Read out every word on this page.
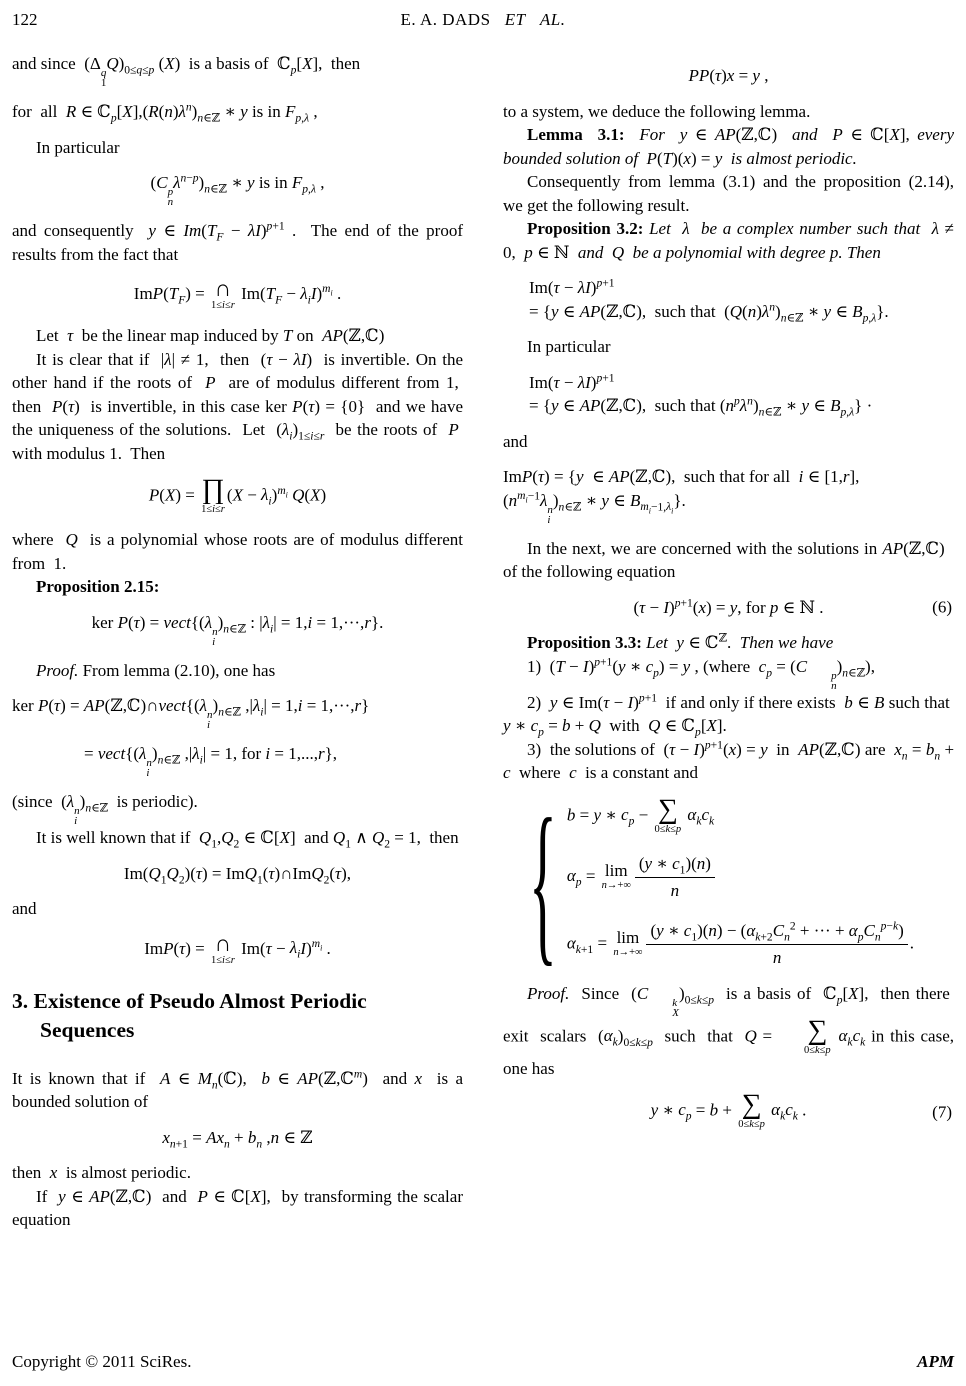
122	E. A. DADS   ET   AL.
and since  (Δ q
1
$Q)_{0\le q\le p}$ (X)  is a basis of  ℂ$_p$[X],  then
for  all  R ∈ $ℂ_p[X],(R(n)\lambda^n)_{n\in ℤ}$ ∗ y is in $F_{p,\lambda}$ ,
In particular
(C p
n
$\lambda^{n-p})_{n\in ℤ}$ ∗ y is in $F_{p,\lambda}$ ,
and consequently  y ∈ $Im(T_F - \lambda I)^{p+1}$ .  The end of the proof results from the fact that
$ImP(T_F)$ = ∩
1≤i≤r
$Im(T_F - \lambda_iI)^{m_i}$ .
Let  τ  be the linear map induced by T on  AP(ℤ,ℂ)
It is clear that if  |λ| ≠ 1,  then  (τ − λI)  is invertible. On the other hand if the roots of  P  are of modulus different from 1,  then  P(τ)  is invertible, in this case ker P(τ) = {0}  and we have the uniqueness of the solutions.  Let  $(\lambda_i)_{1\le i\le r}$  be the roots of  P  with modulus 1.  Then
P(X) = ∏
1≤i≤r
$(X - \lambda_i)^{m_i}$ Q(X)
where  Q  is a polynomial whose roots are of modulus different from  1.
Proposition 2.15:
ker P(τ) = vect{(λ n
i
)$_{n\in ℤ}$ : $|\lambda_i| = 1,i = 1,\cdot\cdot\cdot,r$}.
Proof. From lemma (2.10), one has
ker P(τ) = AP(ℤ,ℂ)∩vect{(λ n
i
)$_{n\in ℤ}$ $,|\lambda_i| = 1,i = 1,\cdot\cdot\cdot,r$}
= vect{(λ n
i
)$_{n\in ℤ}$ $,|\lambda_i| = 1$, for i = 1,...,r},
(since  (λ n
i
)$_{n\in ℤ}$  is periodic).
It is well known that if  $Q_1,Q_2$ ∈ ℂ[X]  and $Q_1$ ∧ $Q_2 = 1$,  then
$Im(Q_1Q_2)(\tau)$ = ImQ$_1$(τ)∩ImQ$_2$(τ),
and
ImP(τ) = ∩
1≤i≤r
$Im(\tau - \lambda_iI)^{m_i}$ .
3. Existence of Pseudo Almost Periodic Sequences
It is known that if  A ∈ $M_n(ℂ)$,  b ∈ AP(ℤ,ℂ$^m$)  and x  is a bounded solution of
$x_{n+1} = Ax_n + b_n$ ,n ∈ ℤ
then  x  is almost periodic.
If  y ∈ AP(ℤ,ℂ)  and  P ∈ ℂ[X],  by transforming the scalar equation
PP(τ)x = y ,
to a system, we deduce the following lemma.
Lemma  3.1: For  y ∈ AP(ℤ,ℂ)  and  P ∈ ℂ[X], every bounded solution of  P(T)(x) = y is almost periodic.
Consequently from lemma (3.1) and the proposition (2.14), we get the following result.
Proposition 3.2: Let  λ  be a complex number such that  λ ≠ 0,  p ∈ ℕ  and  Q  be a polynomial with degree p. Then
$Im(\tau - \lambda I)^{p+1}$
= {y ∈ AP(ℤ,ℂ),  such that  $(Q(n)\lambda^n)_{n\in ℤ}$ ∗ y ∈ $B_{p,\lambda}$}.
In particular
$Im(\tau - \lambda I)^{p+1}$
= {y ∈ AP(ℤ,ℂ),  such that $(n^p\lambda^n)_{n\in ℤ}$ ∗ y ∈ $B_{p,\lambda}$} ·
and
ImP(τ) = {y  ∈ AP(ℤ,ℂ),  such that for all  i ∈ [1,r],
($n^{m_i-1}\lambda$ n
i
)$_{n\in ℤ}$ ∗ y ∈ $B_{m_i-1,\lambda_i}$}.
In the next, we are concerned with the solutions in AP(ℤ,ℂ)   of the following equation
$(\tau - I)^{p+1}(x) = y$, for p ∈ ℕ .	(6)
Proposition 3.3: Let  y ∈ ℂ$^ℤ$.  Then we have
1)  $(T - I)^{p+1}(y$ ∗ $c_p) = y$ , (where  $c_p = (C$	p
n
)$_{n\in ℤ}$),
2)  y ∈ $Im(\tau - I)^{p+1}$  if and only if there exists  b ∈ B such that  y ∗ $c_p = b + Q$  with  Q ∈ ℂ$_p$[X].
3)  the solutions of  $(\tau - I)^{p+1}(x) = y$  in  AP(ℤ,ℂ) are  $x_n = b_n + c$  where  c  is a constant and
{ b = y ∗ $c_p$ − ∑
0≤k≤p
$\alpha_kc_k$
$\alpha_p = \lim$
$n\to+\infty \frac{(y ∗ c_1)(n)}{n}$
$\alpha_{k+1} = \lim$
n→+∞
(y ∗ $c_1)(n) - (\alpha_{k+2}C_n^2$ + ··· + $\alpha_pC_n^{p-k}$)
n
.
Proof.  Since  (C	k
X
)$_{0\le k\le p}$  is a basis of  ℂ$_p$[X],  then there  exit  scalars  $(\alpha_k)_{0\le k\le p}$  such  that  Q =	∑
0≤k≤p
$\alpha_kc_k$ in this case, one has
y ∗ $c_p = b$ + ∑
0≤k≤p
$\alpha_kc_k$ .	(7)
Copyright © 2011 SciRes.	APM
